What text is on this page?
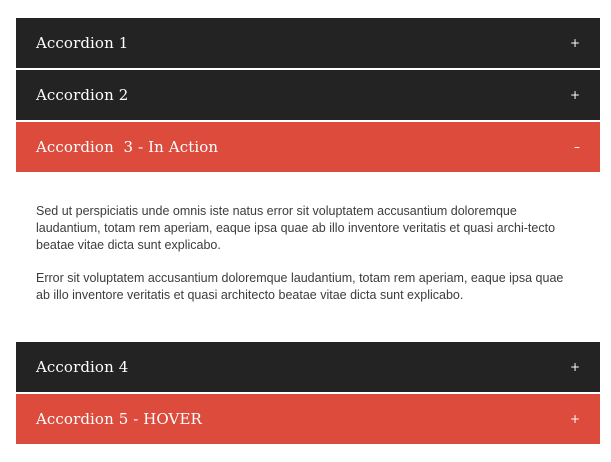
Accordion 1	+
Accordion 2	+
Accordion  3 - In Action	–

Sed ut perspiciatis unde omnis iste natus error sit voluptatem accusantium doloremque laudantium, totam rem aperiam, eaque ipsa quae ab illo inventore veritatis et quasi archi-tecto beatae vitae dicta sunt explicabo.

Error sit voluptatem accusantium doloremque laudantium, totam rem aperiam, eaque ipsa quae ab illo inventore veritatis et quasi architecto beatae vitae dicta sunt explicabo.

Accordion 4	+
Accordion 5 - HOVER	+
